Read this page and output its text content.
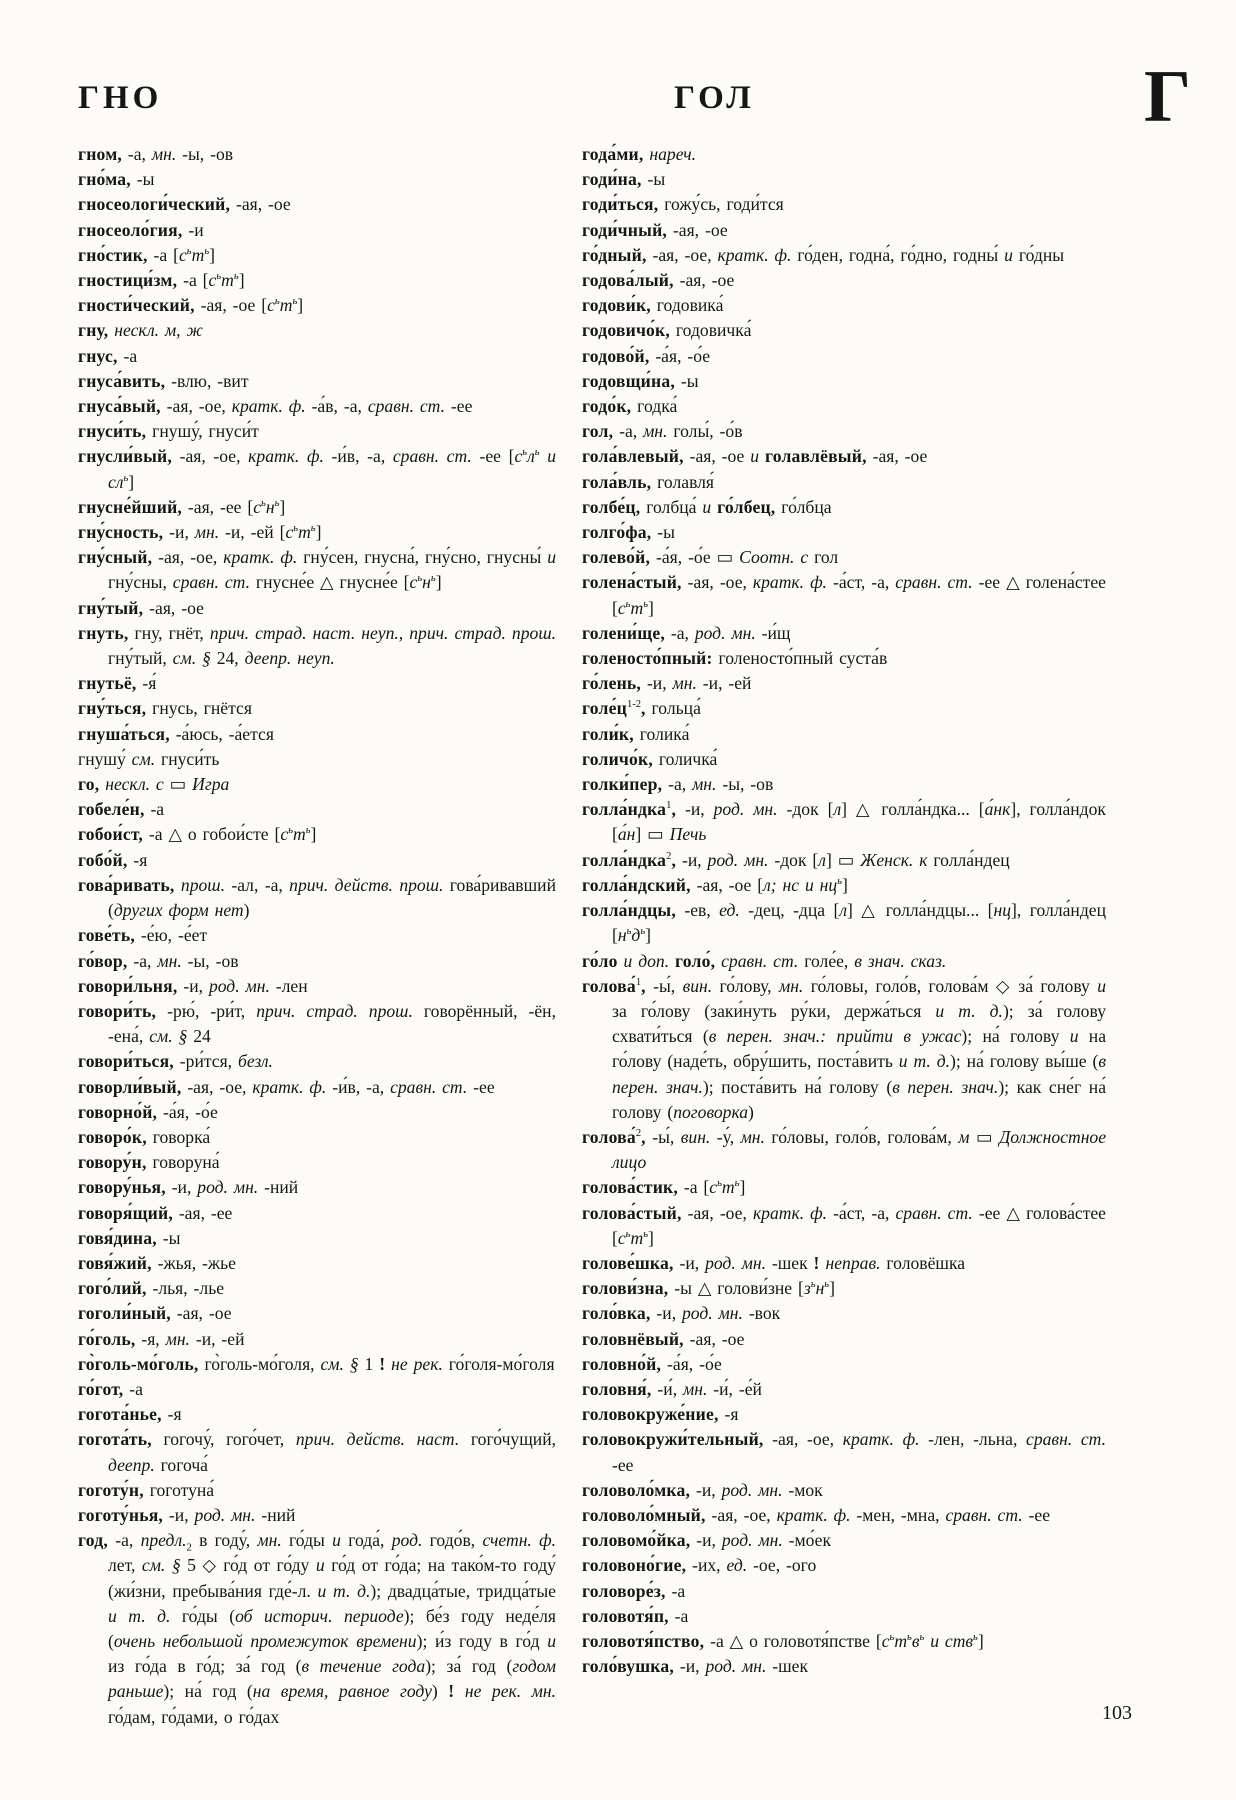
ГНО

гном, -а, мн. -ы, -ов

гно́ма, -ы

гносеологи́ческий, -ая, -ое

гносеоло́гия, -и

гно́стик, -а $[с^ьт^ь]$

гностици́зм, -а $[с^ьт^ь]$

гности́ческий, -ая, -ое $[с^ьт^ь]$

гну, нескл. м, ж

гнус, -а

гнуса́вить, -влю, -вит

гнуса́вый, -ая, -ое, кратк. ф. -а́в, -а, сравн. ст. -ее

гнуси́ть, гнушу́, гнуси́т

гнусли́вый, -ая, -ое, кратк. ф. -и́в, -а, сравн. ст. -ее [$с^ьл^ь$ и $сл^ь$]

гнусне́йший, -ая, -ее $[с^ьн^ь]$

гну́сность, -и, мн. -и, -ей $[с^ьт^ь]$

гну́сный, -ая, -ое, кратк. ф. гну́сен, гнусна́, гну́сно, гнусны́ и гну́сны, сравн. ст. гнусне́е △ гнусне́е $[с^ьн^ь]$

гну́тый, -ая, -ое

гнуть, гну, гнёт, прич. страд. наст. неуп., прич. страд. прош. гну́тый, см. § 24, деепр. неуп.

гнутьё, -я́

гну́ться, гнусь, гнётся

гнуша́ться, -а́юсь, -а́ется

гнушу́ см. гнуси́ть

го, нескл. с ▭ Игра

гобеле́н, -а

гобои́ст, -а △ о гобои́сте $[с^ьт^ь]$

гобо́й, -я

гова́ривать, прош. -ал, -а, прич. действ. прош. гова́ривавший (других форм нет)

гове́ть, -е́ю, -е́ет

го́вор, -а, мн. -ы, -ов

говори́льня, -и, род. мн. -лен

говори́ть, -рю́, -ри́т, прич. страд. прош. говорённый, -ён, -ена́, см. § 24

говори́ться, -ри́тся, безл.

говорли́вый, -ая, -ое, кратк. ф. -и́в, -а, сравн. ст. -ее

говорно́й, -а́я, -о́е

говоро́к, говорка́

говору́н, говоруна́

говору́нья, -и, род. мн. -ний

говоря́щий, -ая, -ее

говя́дина, -ы

говя́жий, -жья, -жье

гого́лий, -лья, -лье

гоголи́ный, -ая, -ое

го́голь, -я, мн. -и, -ей

го̀голь-мо́голь, го̀голь-мо́голя, см. § 1 ! не рек. го́голя-мо́голя

го́гот, -а

гогота́нье, -я

гогота́ть, гогочу́, гого́чет, прич. действ. наст. гого́чущий, деепр. гогоча́

гоготу́н, гоготуна́

гоготу́нья, -и, род. мн. -ний

год, -а, $предл._2$ в году́, мн. го́ды и года́, род. годо́в, счетн. ф. лет, см. § 5 ◇ го́д от го́ду и го́д от го́да; на тако́м-то году́ (жи́зни, пребыва́ния где́-л. и т. д.); двадца́тые, тридца́тые и т. д. го́ды (об историч. периоде); бе́з году неде́ля (очень небольшой промежуток времени); и́з году в го́д и из го́да в го́д; за́ год (в течение года); за́ год (годом раньше); на́ год (на время, равное году) ! не рек. мн. го́дам, го́дами, о го́дах

ГОЛ

года́ми, нареч.

годи́на, -ы

годи́ться, гожу́сь, годи́тся

годи́чный, -ая, -ое

го́дный, -ая, -ое, кратк. ф. го́ден, годна́, го́дно, годны́ и го́дны

годова́лый, -ая, -ое

годови́к, годовика́

годовичо́к, годовичка́

годово́й, -а́я, -о́е

годовщи́на, -ы

годо́к, годка́

гол, -а, мн. голы́, -о́в

гола́влевый, -ая, -ое и голавлёвый, -ая, -ое

гола́вль, голавля́

голбе́ц, голбца́ и го́лбец, го́лбца

голго́фа, -ы

голево́й, -а́я, -о́е ▭ Соотн. с гол

голена́стый, -ая, -ое, кратк. ф. -а́ст, -а, сравн. ст. -ее △ голена́стее $[с^ьт^ь]$

голени́ще, -а, род. мн. -и́щ

голеносто́пный: голеносто́пный суста́в

го́лень, -и, мн. -и, -ей

$голе́ц^{1-2}$, гольца́

голи́к, голика́

голичо́к, голичка́

голки́пер, -а, мн. -ы, -ов

голла́ндка$^1$, -и, род. мн. -док [л] △ голла́ндка... [а́нк], голла́ндок [а́н] ▭ Печь

голла́ндка$^2$, -и, род. мн. -док [л] ▭ Женск. к голла́ндец

голла́ндский, -ая, -ое [л; нс и $нц^ь$]

голла́ндцы, -ев, ед. -дец, -дца [л] △ голла́ндцы... [нц], голла́ндец $[н^ьд^ь]$

го́ло и доп. голо́, сравн. ст. голе́е, в знач. сказ.

голова́$^1$, -ы́, вин. го́лову, мн. го́ловы, голо́в, голова́м ◇ за́ голову и за го́лову (заки́нуть ру́ки, держа́ться и т. д.); за́ голову схвати́ться (в перен. знач.: прийти в ужас); на́ голову и на го́лову (наде́ть, обру́шить, поста́вить и т. д.); на́ голову вы́ше (в перен. знач.); поста́вить на́ голову (в перен. знач.); как сне́г на́ голову (поговорка)

голова́$^2$, -ы́, вин. -у́, мн. го́ловы, голо́в, голова́м, м ▭ Должностное лицо

голова́стик, -а $[с^ьт^ь]$

голова́стый, -ая, -ое, кратк. ф. -а́ст, -а, сравн. ст. -ее △ голова́стее $[с^ьт^ь]$

голове́шка, -и, род. мн. -шек ! неправ. головёшка

голови́зна, -ы △ голови́зне $[з^ьн^ь]$

голо́вка, -и, род. мн. -вок

головнёвый, -ая, -ое

головно́й, -а́я, -о́е

головня́, -и́, мн. -и́, -е́й

головокруже́ние, -я

головокружи́тельный, -ая, -ое, кратк. ф. -лен, -льна, сравн. ст. -ее

головоло́мка, -и, род. мн. -мок

головоло́мный, -ая, -ое, кратк. ф. -мен, -мна, сравн. ст. -ее

головомо́йка, -и, род. мн. -мо́ек

головоно́гие, -их, ед. -ое, -ого

головоре́з, -а

головотя́п, -а

головотя́пство, -а △ о головотя́пстве [$с^ьт^ьв^ь$ и ств$^ь$]

голо́вушка, -и, род. мн. -шек

Г
103
